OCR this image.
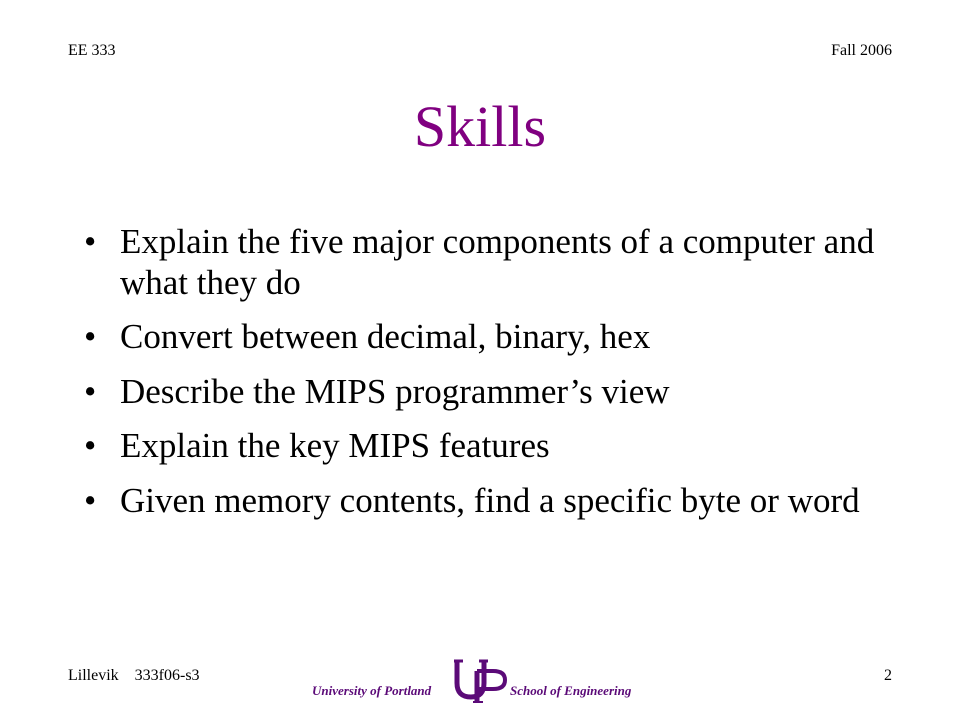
EE 333	Fall 2006
Skills
• Explain the five major components of a computer and what they do
• Convert between decimal, binary, hex
• Describe the MIPS programmer’s view
• Explain the key MIPS features
• Given memory contents, find a specific byte or word
Lillevik    333f06-s3	2
University of Portland	School of Engineering
